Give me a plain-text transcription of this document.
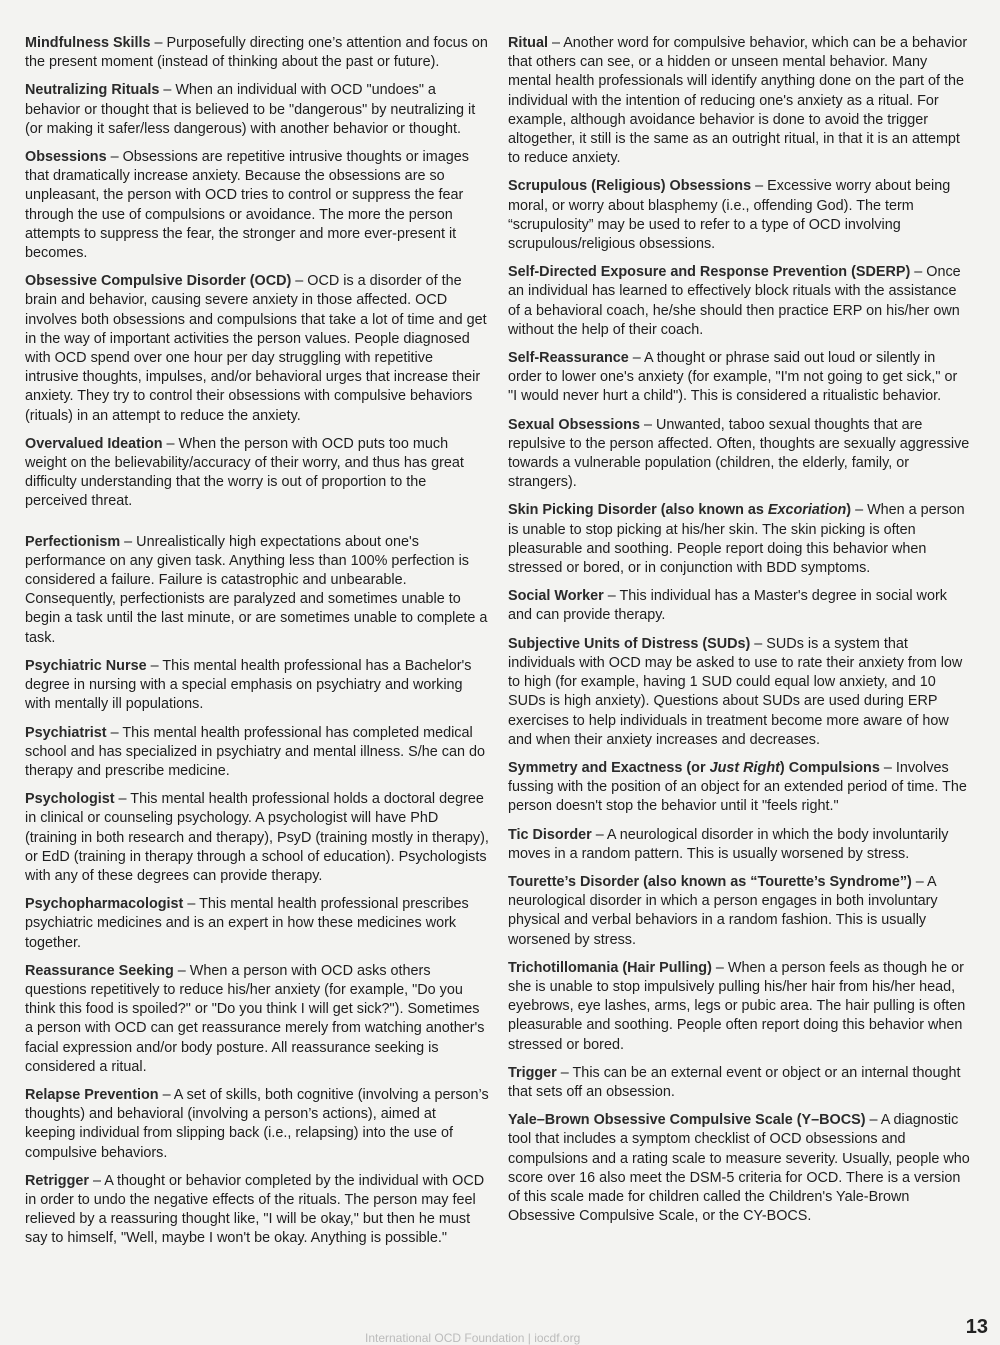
Mindfulness Skills – Purposefully directing one’s attention and focus on the present moment (instead of thinking about the past or future).

Neutralizing Rituals – When an individual with OCD "undoes" a behavior or thought that is believed to be "dangerous" by neutralizing it (or making it safer/less dangerous) with another behavior or thought.

Obsessions – Obsessions are repetitive intrusive thoughts or images that dramatically increase anxiety. Because the obsessions are so unpleasant, the person with OCD tries to control or suppress the fear through the use of compulsions or avoidance. The more the person attempts to suppress the fear, the stronger and more ever-present it becomes.

Obsessive Compulsive Disorder (OCD) – OCD is a disorder of the brain and behavior, causing severe anxiety in those affected. OCD involves both obsessions and compulsions that take a lot of time and get in the way of important activities the person values. People diagnosed with OCD spend over one hour per day struggling with repetitive intrusive thoughts, impulses, and/or behavioral urges that increase their anxiety. They try to control their obsessions with compulsive behaviors (rituals) in an attempt to reduce the anxiety.

Overvalued Ideation – When the person with OCD puts too much weight on the believability/accuracy of their worry, and thus has great difficulty understanding that the worry is out of proportion to the perceived threat.

Perfectionism – Unrealistically high expectations about one's performance on any given task. Anything less than 100% perfection is considered a failure. Failure is catastrophic and unbearable. Consequently, perfectionists are paralyzed and sometimes unable to begin a task until the last minute, or are sometimes unable to complete a task.

Psychiatric Nurse – This mental health professional has a Bachelor's degree in nursing with a special emphasis on psychiatry and working with mentally ill populations.

Psychiatrist – This mental health professional has completed medical school and has specialized in psychiatry and mental illness. S/he can do therapy and prescribe medicine.

Psychologist – This mental health professional holds a doctoral degree in clinical or counseling psychology. A psychologist will have PhD (training in both research and therapy), PsyD (training mostly in therapy), or EdD (training in therapy through a school of education). Psychologists with any of these degrees can provide therapy.

Psychopharmacologist – This mental health professional prescribes psychiatric medicines and is an expert in how these medicines work together.

Reassurance Seeking – When a person with OCD asks others questions repetitively to reduce his/her anxiety (for example, "Do you think this food is spoiled?" or "Do you think I will get sick?"). Sometimes a person with OCD can get reassurance merely from watching another's facial expression and/or body posture. All reassurance seeking is considered a ritual.

Relapse Prevention – A set of skills, both cognitive (involving a person’s thoughts) and behavioral (involving a person’s actions), aimed at keeping individual from slipping back (i.e., relapsing) into the use of compulsive behaviors.

Retrigger – A thought or behavior completed by the individual with OCD in order to undo the negative effects of the rituals. The person may feel relieved by a reassuring thought like, "I will be okay," but then he must say to himself, "Well, maybe I won't be okay. Anything is possible."

Ritual – Another word for compulsive behavior, which can be a behavior that others can see, or a hidden or unseen mental behavior. Many mental health professionals will identify anything done on the part of the individual with the intention of reducing one's anxiety as a ritual. For example, although avoidance behavior is done to avoid the trigger altogether, it still is the same as an outright ritual, in that it is an attempt to reduce anxiety.

Scrupulous (Religious) Obsessions – Excessive worry about being moral, or worry about blasphemy (i.e., offending God). The term “scrupulosity” may be used to refer to a type of OCD involving scrupulous/religious obsessions.

Self-Directed Exposure and Response Prevention (SDERP) – Once an individual has learned to effectively block rituals with the assistance of a behavioral coach, he/she should then practice ERP on his/her own without the help of their coach.

Self-Reassurance – A thought or phrase said out loud or silently in order to lower one's anxiety (for example, "I'm not going to get sick," or "I would never hurt a child"). This is considered a ritualistic behavior.

Sexual Obsessions – Unwanted, taboo sexual thoughts that are repulsive to the person affected. Often, thoughts are sexually aggressive towards a vulnerable population (children, the elderly, family, or strangers).

Skin Picking Disorder (also known as Excoriation) – When a person is unable to stop picking at his/her skin. The skin picking is often pleasurable and soothing. People report doing this behavior when stressed or bored, or in conjunction with BDD symptoms.

Social Worker – This individual has a Master's degree in social work and can provide therapy.

Subjective Units of Distress (SUDs) – SUDs is a system that individuals with OCD may be asked to use to rate their anxiety from low to high (for example, having 1 SUD could equal low anxiety, and 10 SUDs is high anxiety). Questions about SUDs are used during ERP exercises to help individuals in treatment become more aware of how and when their anxiety increases and decreases.

Symmetry and Exactness (or Just Right) Compulsions – Involves fussing with the position of an object for an extended period of time. The person doesn't stop the behavior until it "feels right."

Tic Disorder – A neurological disorder in which the body involuntarily moves in a random pattern. This is usually worsened by stress.

Tourette’s Disorder (also known as “Tourette’s Syndrome”) – A neurological disorder in which a person engages in both involuntary physical and verbal behaviors in a random fashion. This is usually worsened by stress.

Trichotillomania (Hair Pulling) – When a person feels as though he or she is unable to stop impulsively pulling his/her hair from his/her head, eyebrows, eye lashes, arms, legs or pubic area. The hair pulling is often pleasurable and soothing. People often report doing this behavior when stressed or bored.

Trigger – This can be an external event or object or an internal thought that sets off an obsession.

Yale–Brown Obsessive Compulsive Scale (Y–BOCS) – A diagnostic tool that includes a symptom checklist of OCD obsessions and compulsions and a rating scale to measure severity. Usually, people who score over 16 also meet the DSM-5 criteria for OCD. There is a version of this scale made for children called the Children's Yale-Brown Obsessive Compulsive Scale, or the CY-BOCS.

International OCD Foundation | iocdf.org	13
